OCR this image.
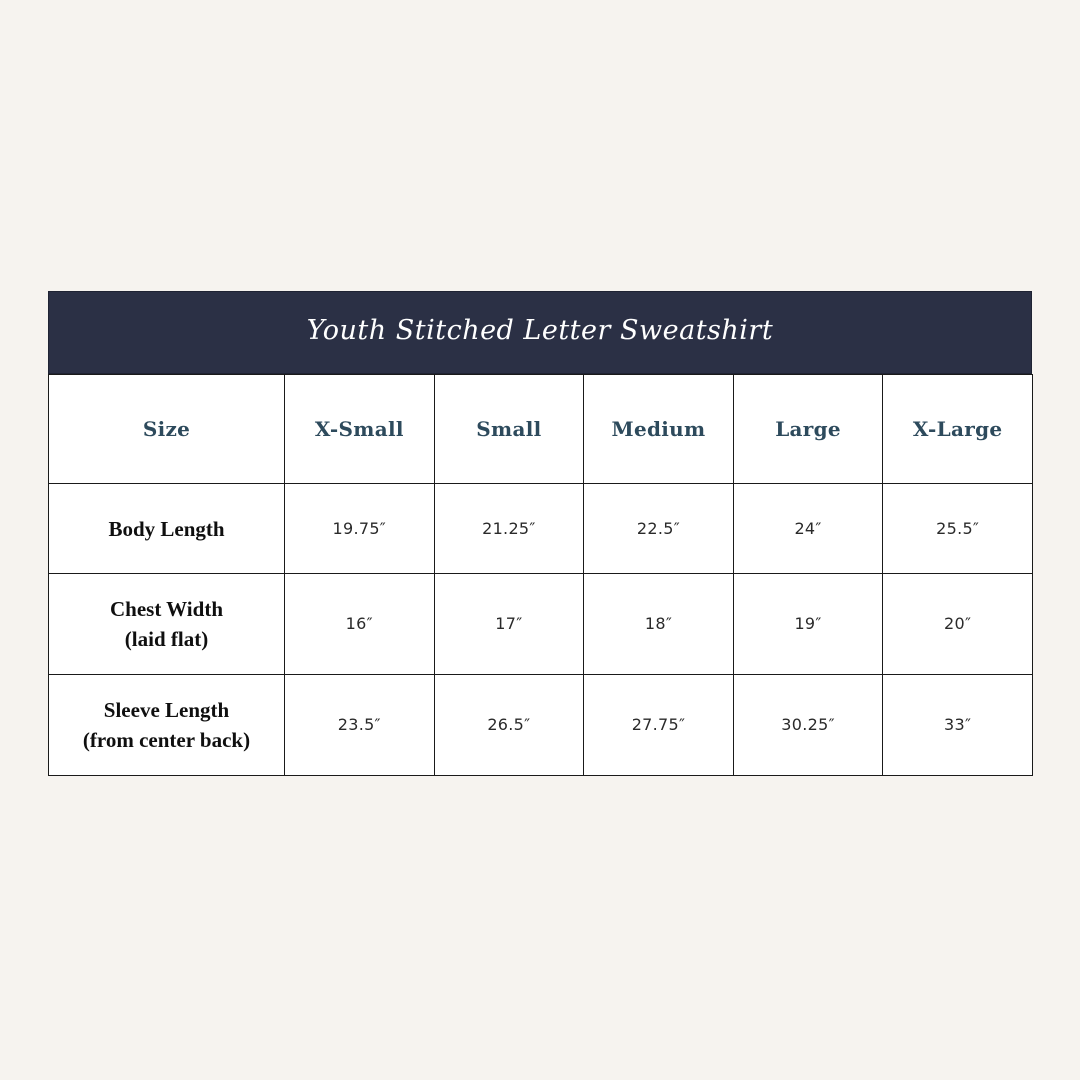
Youth Stitched Letter Sweatshirt
Size	X-Small	Small	Medium	Large	X-Large

Body Length	19.75″	21.25″	22.5″	24″	25.5″

Chest Width
(laid flat)	16″	17″	18″	19″	20″

Sleeve Length
(from center back)	23.5″	26.5″	27.75″	30.25″	33″
